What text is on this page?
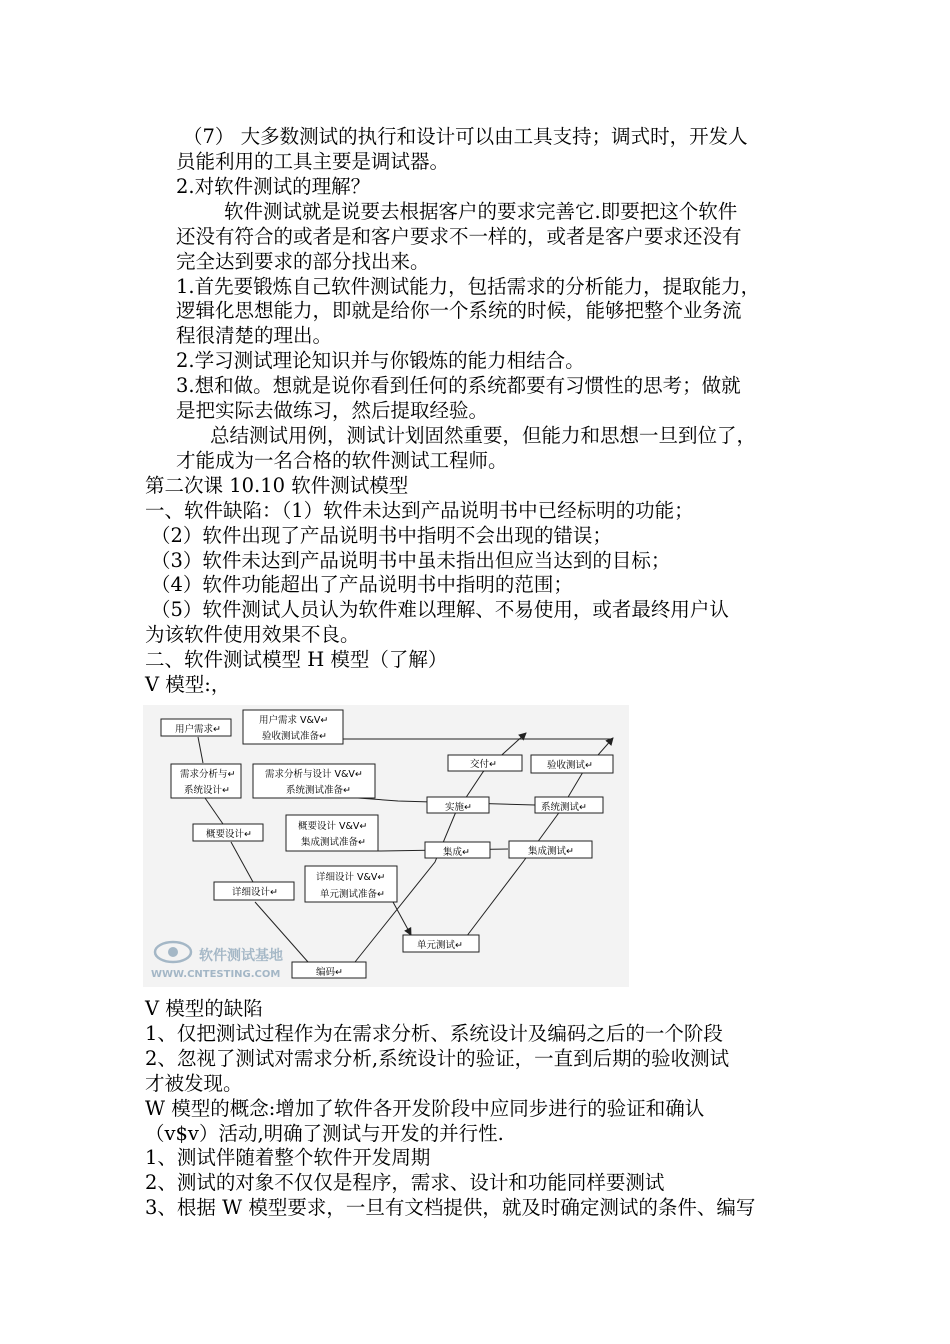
（7） 大多数测试的执行和设计可以由工具支持；调式时，开发人
员能利用的工具主要是调试器。
2.对软件测试的理解？
软件测试就是说要去根据客户的要求完善它.即要把这个软件
还没有符合的或者是和客户要求不一样的，或者是客户要求还没有
完全达到要求的部分找出来。
1.首先要锻炼自己软件测试能力，包括需求的分析能力，提取能力，
逻辑化思想能力，即就是给你一个系统的时候，能够把整个业务流
程很清楚的理出。
2.学习测试理论知识并与你锻炼的能力相结合。
3.想和做。想就是说你看到任何的系统都要有习惯性的思考；做就
是把实际去做练习，然后提取经验。
总结测试用例，测试计划固然重要，但能力和思想一旦到位了，
才能成为一名合格的软件测试工程师。
第二次课 10.10 软件测试模型
一、软件缺陷：（1）软件未达到产品说明书中已经标明的功能；
（2）软件出现了产品说明书中指明不会出现的错误；
（3）软件未达到产品说明书中虽未指出但应当达到的目标；
（4）软件功能超出了产品说明书中指明的范围；
（5）软件测试人员认为软件难以理解、不易使用，或者最终用户认
为该软件使用效果不良。
二、软件测试模型 H 模型（了解）
V 模型:，
用户需求↵
用户需求 V&V↵
验收测试准备↵
需求分析与↵
系统设计↵
需求分析与设计 V&V↵
系统测试准备↵
概要设计↵
概要设计 V&V↵
集成测试准备↵
详细设计↵
详细设计 V&V↵
单元测试准备↵
编码↵
单元测试↵
集成↵	集成测试↵
实施↵	系统测试↵
交付↵	验收测试↵
软件测试基地
WWW.CNTESTING.COM
V 模型的缺陷
1、仅把测试过程作为在需求分析、系统设计及编码之后的一个阶段
2、忽视了测试对需求分析,系统设计的验证，一直到后期的验收测试
才被发现。
W 模型的概念:增加了软件各开发阶段中应同步进行的验证和确认
（v$v）活动,明确了测试与开发的并行性.
1、测试伴随着整个软件开发周期
2、测试的对象不仅仅是程序，需求、设计和功能同样要测试
3、根据 W 模型要求，一旦有文档提供，就及时确定测试的条件、编写
